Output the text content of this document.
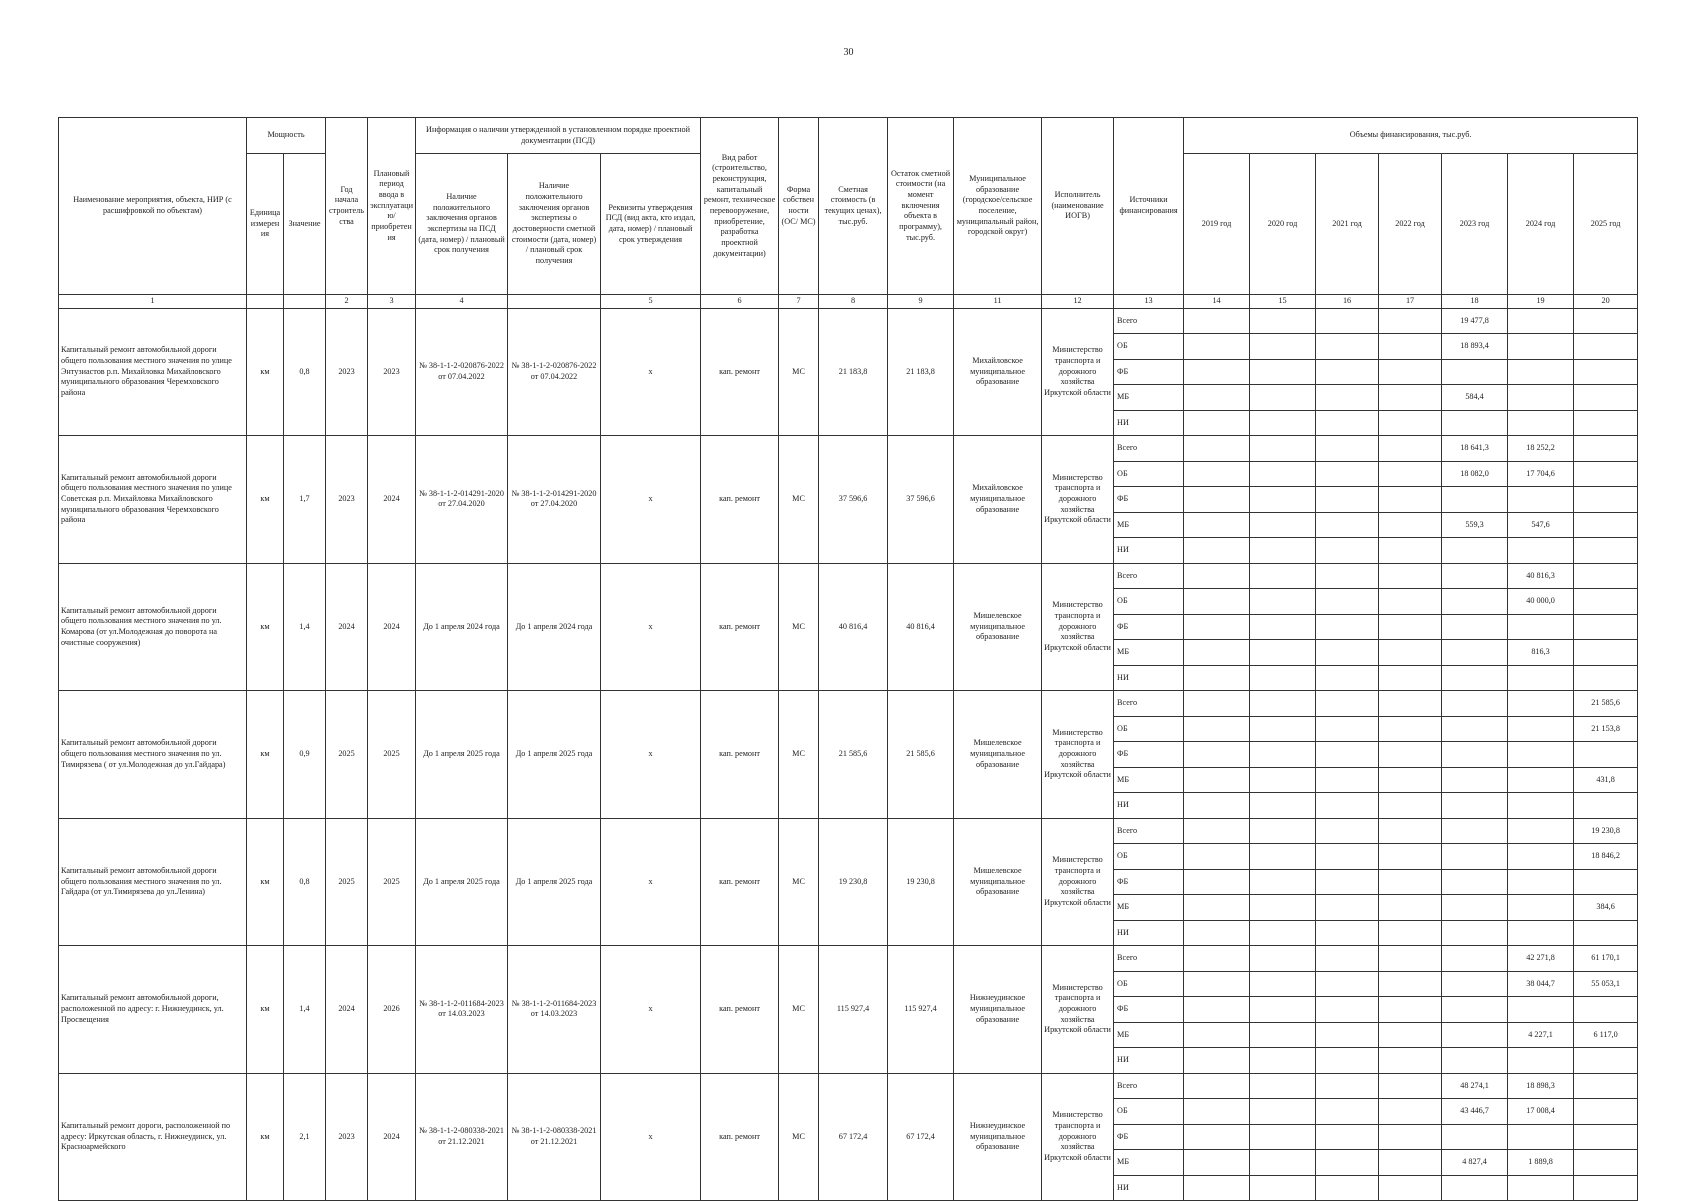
30
Наименование мероприятия, объекта, НИР (с расшифровкой по объектам)	Мощность		Год начала строительства	Плановый период ввода в эксплуатацию/приобретения	Информация о наличии утвержденной в установленном порядке проектной документации (ПСД)			Вид работ (строительство, реконструкция, капитальный ремонт, техническое перевооружение, приобретение, разработка проектной документации)	Форма собственности (ОС/ МС)	Сметная стоимость (в текущих ценах), тыс.руб.	Остаток сметной стоимости (на момент включения объекта в программу), тыс.руб.	Муниципальное образование (городское/сельское поселение, муниципальный район, городской округ)	Исполнитель (наименование ИОГВ)	Источники финансирования	Объемы финансирования, тыс.руб.						
	Единица измерения	Значение			Наличие положительного заключения органов экспертизы на ПСД (дата, номер) / плановый срок получения	Наличие положительного заключения органов экспертизы о достоверности сметной стоимости (дата, номер) / плановый срок получения	Реквизиты утверждения ПСД (вид акта, кто издал, дата, номер) / плановый срок утверждения								2019 год	2020 год	2021 год	2022 год	2023 год	2024 год	2025 год
1			2	3	4		5	6	7	8	9	11	12	13	14	15	16	17	18	19	20
Капитальный ремонт автомобильной дороги общего пользования местного значения по улице Энтузиастов р.п. Михайловка Михайловского муниципального образования Черемховского района	км	0,8	2023	2023	№ 38-1-1-2-020876-2022 от 07.04.2022	№ 38-1-1-2-020876-2022 от 07.04.2022	х	кап. ремонт	МС	21 183,8	21 183,8	Михайловское муниципальное образование	Министерство транспорта и дорожного хозяйства Иркутской области	Всего					19 477,8		
														ОБ					18 893,4		
														ФБ							
														МБ					584,4		
														НИ							
Капитальный ремонт автомобильной дороги общего пользования местного значения по улице Советская р.п. Михайловка Михайловского муниципального образования Черемховского района	км	1,7	2023	2024	№ 38-1-1-2-014291-2020 от 27.04.2020	№ 38-1-1-2-014291-2020 от 27.04.2020	х	кап. ремонт	МС	37 596,6	37 596,6	Михайловское муниципальное образование	Министерство транспорта и дорожного хозяйства Иркутской области	Всего					18 641,3	18 252,2	
														ОБ					18 082,0	17 704,6	
														ФБ							
														МБ					559,3	547,6	
														НИ							
Капитальный ремонт автомобильной дороги общего пользования местного значения по ул. Комарова (от ул.Молодежная до поворота на очистные сооружения)	км	1,4	2024	2024	До 1 апреля 2024 года	До 1 апреля 2024 года	х	кап. ремонт	МС	40 816,4	40 816,4	Мишелевское муниципальное образование	Министерство транспорта и дорожного хозяйства Иркутской области	Всего						40 816,3	
														ОБ						40 000,0	
														ФБ							
														МБ						816,3	
														НИ							
Капитальный ремонт автомобильной дороги общего пользования местного значения по ул. Тимирязева ( от ул.Молодежная до ул.Гайдара)	км	0,9	2025	2025	До 1 апреля 2025 года	До 1 апреля 2025 года	х	кап. ремонт	МС	21 585,6	21 585,6	Мишелевское муниципальное образование	Министерство транспорта и дорожного хозяйства Иркутской области	Всего							21 585,6
														ОБ							21 153,8
														ФБ							
														МБ							431,8
														НИ							
Капитальный ремонт автомобильной дороги общего пользования местного значения по ул. Гайдара (от ул.Тимирязева до ул.Ленина)	км	0,8	2025	2025	До 1 апреля 2025 года	До 1 апреля 2025 года	х	кап. ремонт	МС	19 230,8	19 230,8	Мишелевское муниципальное образование	Министерство транспорта и дорожного хозяйства Иркутской области	Всего							19 230,8
														ОБ							18 846,2
														ФБ							
														МБ							384,6
														НИ							
Капитальный ремонт автомобильной дороги, расположенной по адресу: г. Нижнеудинск, ул. Просвещения	км	1,4	2024	2026	№ 38-1-1-2-011684-2023 от 14.03.2023	№ 38-1-1-2-011684-2023 от 14.03.2023	х	кап. ремонт	МС	115 927,4	115 927,4	Нижнеудинское муниципальное образование	Министерство транспорта и дорожного хозяйства Иркутской области	Всего						42 271,8	61 170,1
														ОБ						38 044,7	55 053,1
														ФБ							
														МБ						4 227,1	6 117,0
														НИ							
Капитальный ремонт дороги, расположенной по адресу: Иркутская область, г. Нижнеудинск, ул. Красноармейского	км	2,1	2023	2024	№ 38-1-1-2-080338-2021 от 21.12.2021	№ 38-1-1-2-080338-2021 от 21.12.2021	х	кап. ремонт	МС	67 172,4	67 172,4	Нижнеудинское муниципальное образование	Министерство транспорта и дорожного хозяйства Иркутской области	Всего					48 274,1	18 898,3	
														ОБ					43 446,7	17 008,4	
														ФБ							
														МБ					4 827,4	1 889,8	
														НИ							
